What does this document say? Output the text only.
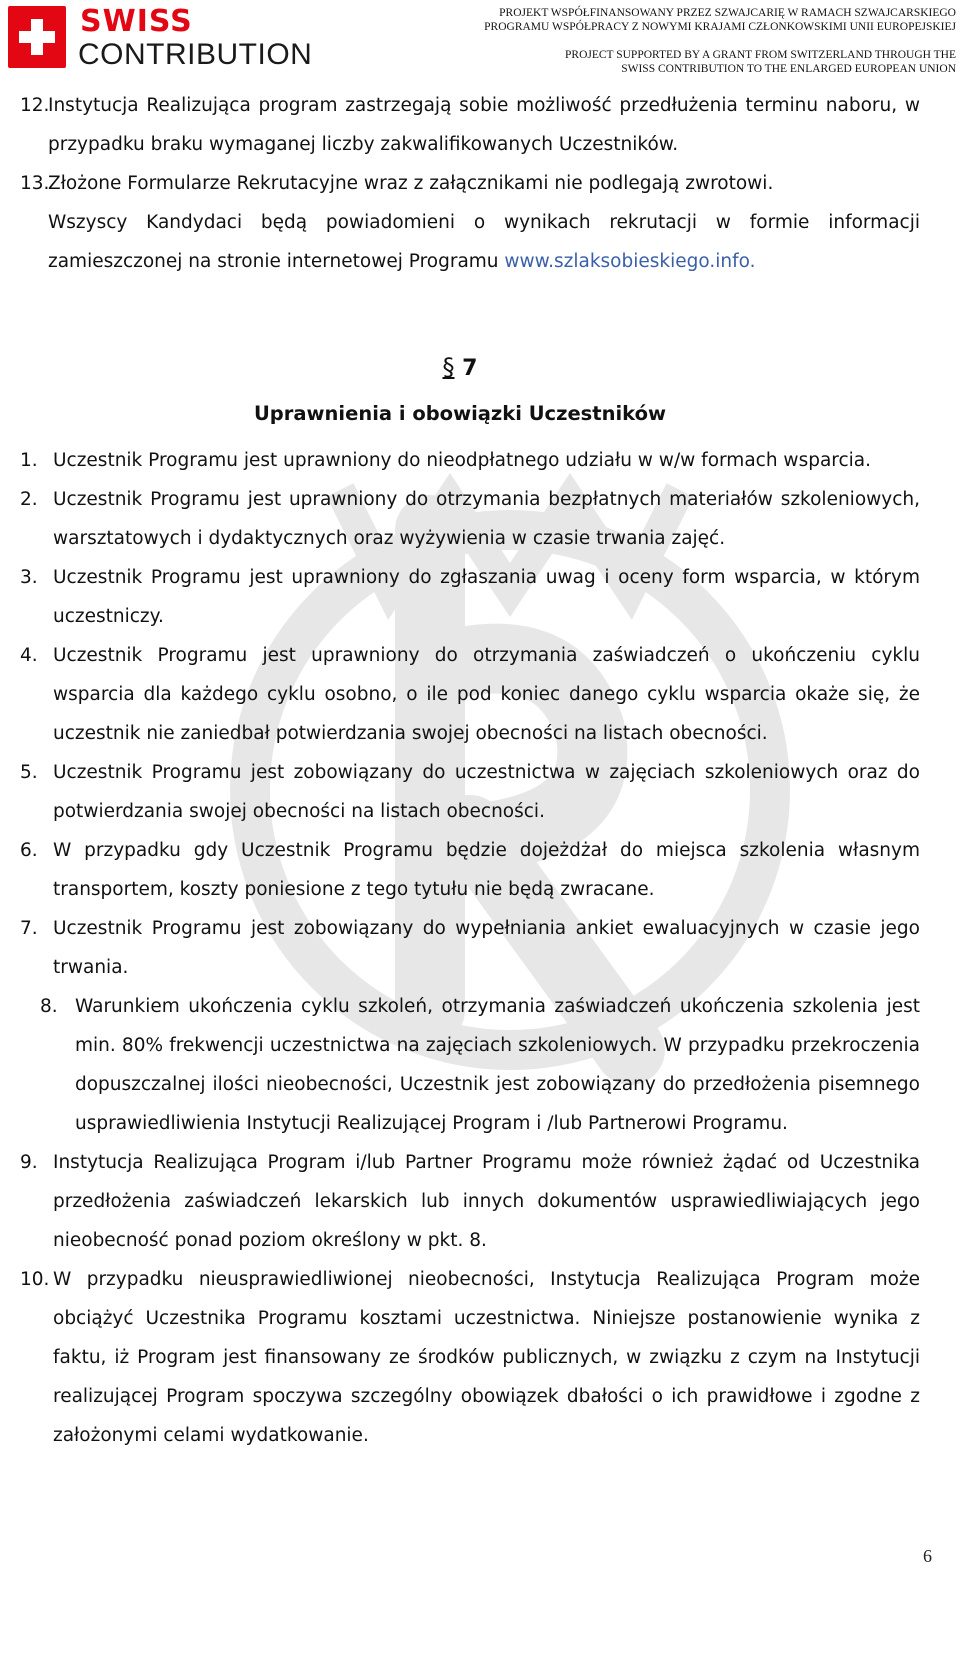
SWISS
CONTRIBUTION
PROJEKT WSPÓŁFINANSOWANY PRZEZ SZWAJCARIĘ W RAMACH SZWAJCARSKIEGO
PROGRAMU WSPÓŁPRACY Z NOWYMI KRAJAMI CZŁONKOWSKIMI UNII EUROPEJSKIEJ
PROJECT SUPPORTED BY A GRANT FROM SWITZERLAND THROUGH THE
SWISS CONTRIBUTION TO THE ENLARGED EUROPEAN UNION
12.
Instytucja Realizująca program zastrzegają sobie możliwość przedłużenia terminu naboru, w przypadku braku wymaganej liczby zakwalifikowanych Uczestników.
13.
Złożone Formularze Rekrutacyjne wraz z załącznikami nie podlegają zwrotowi.
Wszyscy Kandydaci będą powiadomieni o wynikach rekrutacji w formie informacji zamieszczonej na stronie internetowej Programu www.szlaksobieskiego.info.
§ 7
Uprawnienia i obowiązki Uczestników
1. Uczestnik Programu jest uprawniony do nieodpłatnego udziału w w/w formach wsparcia.
2. Uczestnik Programu jest uprawniony do otrzymania bezpłatnych materiałów szkoleniowych, warsztatowych i dydaktycznych oraz wyżywienia w czasie trwania zajęć.
3. Uczestnik Programu jest uprawniony do zgłaszania uwag i oceny form wsparcia, w którym uczestniczy.
4. Uczestnik Programu jest uprawniony do otrzymania zaświadczeń o ukończeniu cyklu wsparcia dla każdego cyklu osobno, o ile pod koniec danego cyklu wsparcia okaże się, że uczestnik nie zaniedbał potwierdzania swojej obecności na listach obecności.
5. Uczestnik Programu jest zobowiązany do uczestnictwa w zajęciach szkoleniowych oraz do potwierdzania swojej obecności na listach obecności.
6. W przypadku gdy Uczestnik Programu będzie dojeżdżał do miejsca szkolenia własnym transportem, koszty poniesione z tego tytułu nie będą zwracane.
7. Uczestnik Programu jest zobowiązany do wypełniania ankiet ewaluacyjnych w czasie jego trwania.
8. Warunkiem ukończenia cyklu szkoleń, otrzymania zaświadczeń ukończenia szkolenia jest min. 80% frekwencji uczestnictwa na zajęciach szkoleniowych. W przypadku przekroczenia dopuszczalnej ilości nieobecności, Uczestnik jest zobowiązany do przedłożenia pisemnego usprawiedliwienia Instytucji Realizującej Program i /lub Partnerowi Programu.
9. Instytucja Realizująca Program i/lub Partner Programu może również żądać od Uczestnika przedłożenia zaświadczeń lekarskich lub innych dokumentów usprawiedliwiających jego nieobecność ponad poziom określony w pkt. 8.
10. W przypadku nieusprawiedliwionej nieobecności, Instytucja Realizująca Program może obciążyć Uczestnika Programu kosztami uczestnictwa. Niniejsze postanowienie wynika z faktu, iż Program jest finansowany ze środków publicznych, w związku z czym na Instytucji realizującej Program spoczywa szczególny obowiązek dbałości o ich prawidłowe i zgodne z założonymi celami wydatkowanie.
6
